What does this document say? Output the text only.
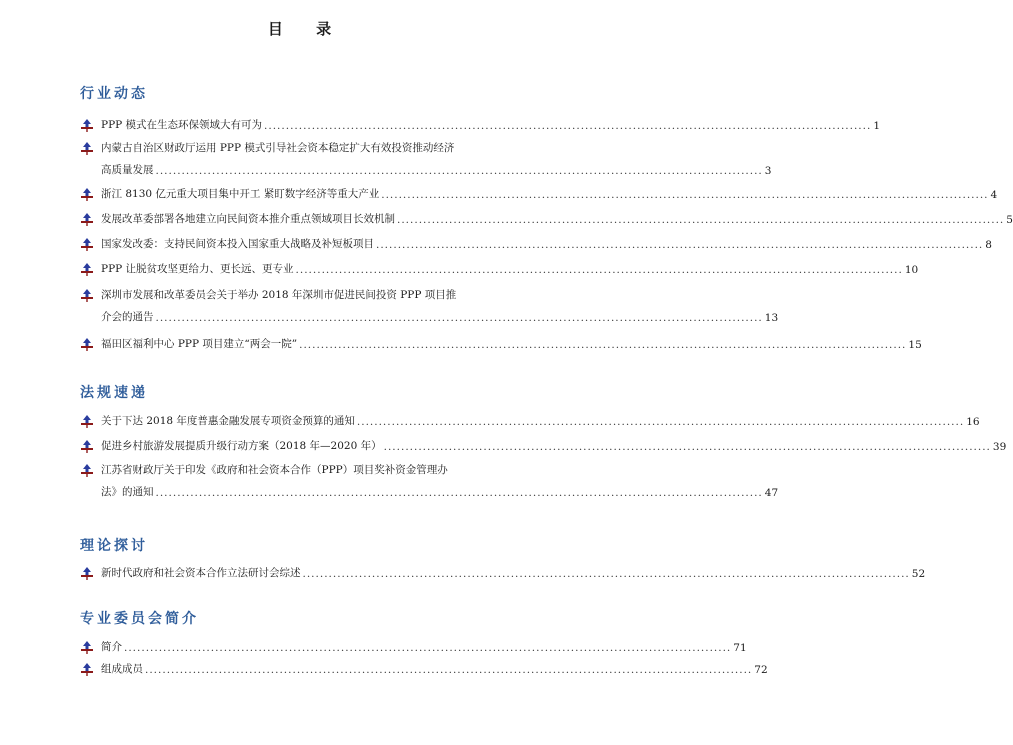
目 录
行业动态
PPP 模式在生态环保领域大有可为 ............................................................................................................................................ 1
内蒙古自治区财政厅运用 PPP 模式引导社会资本稳定扩大有效投资推动经济
高质量发展 ............................................................................................................................................ 3
浙江 8130 亿元重大项目集中开工 紧盯数字经济等重大产业 ............................................................................................................................................ 4
发展改革委部署各地建立向民间资本推介重点领域项目长效机制 ............................................................................................................................................ 5
国家发改委：支持民间资本投入国家重大战略及补短板项目 ............................................................................................................................................ 8
PPP 让脱贫攻坚更给力、更长远、更专业 ............................................................................................................................................ 10
深圳市发展和改革委员会关于举办 2018 年深圳市促进民间投资 PPP 项目推
介会的通告 ............................................................................................................................................ 13
福田区福利中心 PPP 项目建立“两会一院” ............................................................................................................................................ 15
法规速递
关于下达 2018 年度普惠金融发展专项资金预算的通知 ............................................................................................................................................ 16
促进乡村旅游发展提质升级行动方案（2018 年—2020 年） ............................................................................................................................................ 39
江苏省财政厅关于印发《政府和社会资本合作（PPP）项目奖补资金管理办
法》的通知 ............................................................................................................................................ 47
理论探讨
新时代政府和社会资本合作立法研讨会综述 ............................................................................................................................................ 52
专业委员会简介
简介 ............................................................................................................................................ 71
组成成员 ............................................................................................................................................ 72
